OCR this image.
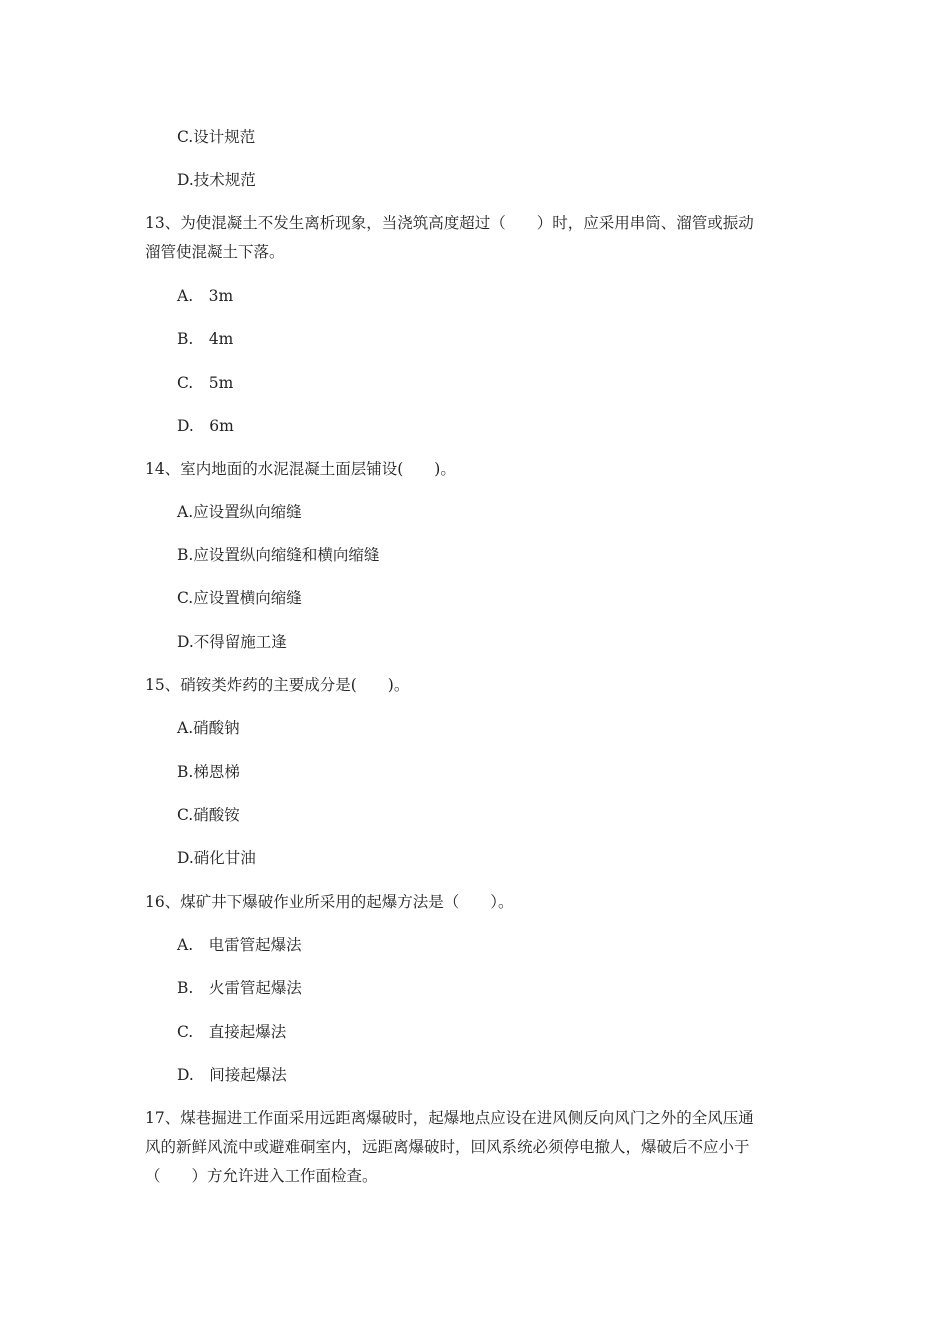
C.设计规范

D.技术规范

13、为使混凝土不发生离析现象，当浇筑高度超过（　　）时，应采用串筒、溜管或振动

溜管使混凝土下落。

A.　3m

B.　4m

C.　5m

D.　6m

14、室内地面的水泥混凝土面层铺设(　　)。

A.应设置纵向缩缝

B.应设置纵向缩缝和横向缩缝

C.应设置横向缩缝

D.不得留施工逢

15、硝铵类炸药的主要成分是(　　)。

A.硝酸钠

B.梯恩梯

C.硝酸铵

D.硝化甘油

16、煤矿井下爆破作业所采用的起爆方法是（　　）。

A.　电雷管起爆法

B.　火雷管起爆法

C.　直接起爆法

D.　间接起爆法

17、煤巷掘进工作面采用远距离爆破时，起爆地点应设在进风侧反向风门之外的全风压通

风的新鲜风流中或避难硐室内，远距离爆破时，回风系统必须停电撤人，爆破后不应小于

（　　）方允许进入工作面检查。
